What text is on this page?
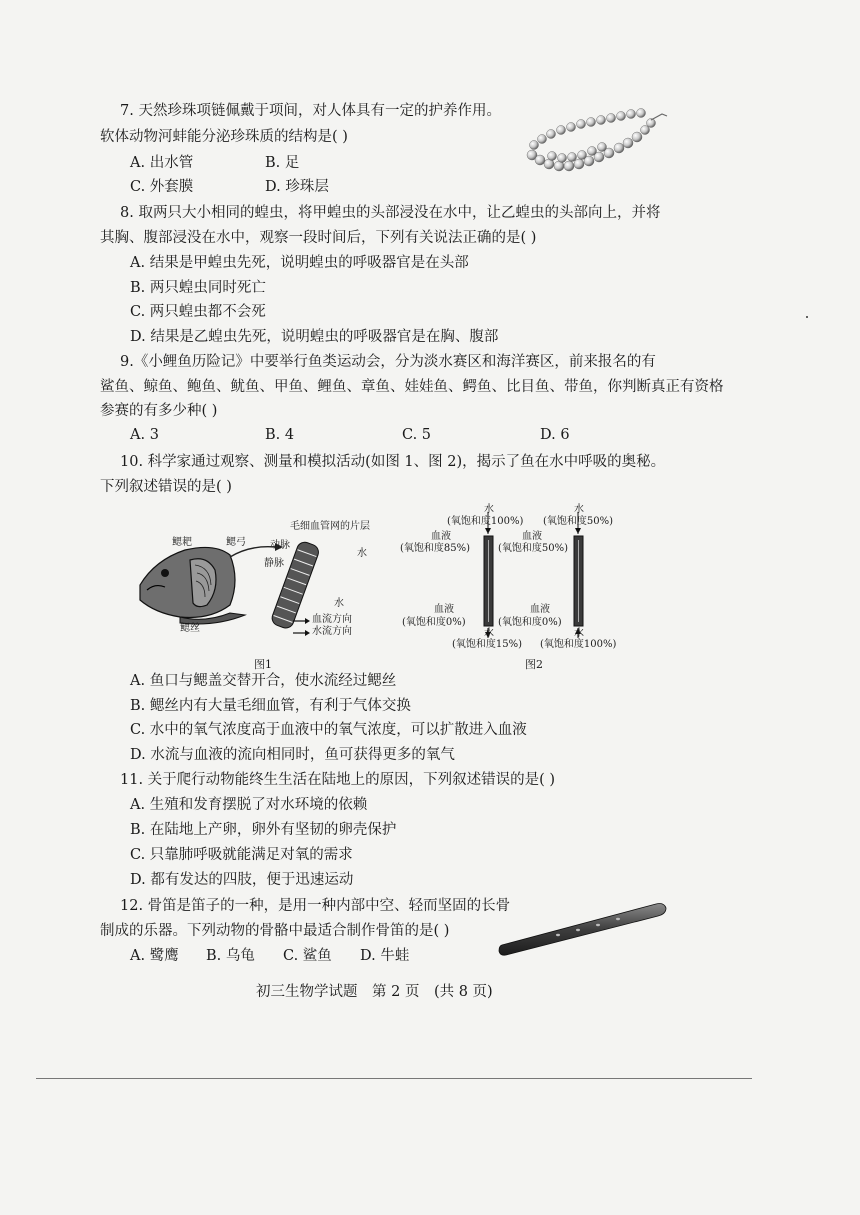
7. 天然珍珠项链佩戴于项间，对人体具有一定的护养作用。
软体动物河蚌能分泌珍珠质的结构是( )
A. 出水管	B. 足
C. 外套膜	D. 珍珠层
8. 取两只大小相同的蝗虫，将甲蝗虫的头部浸没在水中，让乙蝗虫的头部向上，并将
其胸、腹部浸没在水中，观察一段时间后，下列有关说法正确的是( )
A. 结果是甲蝗虫先死，说明蝗虫的呼吸器官是在头部
B. 两只蝗虫同时死亡
C. 两只蝗虫都不会死
D. 结果是乙蝗虫先死，说明蝗虫的呼吸器官是在胸、腹部
9.《小鲤鱼历险记》中要举行鱼类运动会，分为淡水赛区和海洋赛区，前来报名的有
鲨鱼、鲸鱼、鲍鱼、鱿鱼、甲鱼、鲤鱼、章鱼、娃娃鱼、鳄鱼、比目鱼、带鱼，你判断真正有资格
参赛的有多少种( )
A. 3	B. 4	C. 5	D. 6
10. 科学家通过观察、测量和模拟活动(如图 1、图 2)，揭示了鱼在水中呼吸的奥秘。
下列叙述错误的是( )
鳃耙	鳃弓
鳃丝
毛细血管网的片层
动脉
静脉
水
水
血流方向
水流方向
图1
水
(氧饱和度100%)
血液
(氧饱和度85%)
血液
(氧饱和度0%)
水
(氧饱和度15%)
水
(氧饱和度50%)
血液
(氧饱和度50%)
血液
(氧饱和度0%)
水
(氧饱和度100%)
图2
A. 鱼口与鳃盖交替开合，使水流经过鳃丝
B. 鳃丝内有大量毛细血管，有利于气体交换
C. 水中的氧气浓度高于血液中的氧气浓度，可以扩散进入血液
D. 水流与血液的流向相同时，鱼可获得更多的氧气
11. 关于爬行动物能终生生活在陆地上的原因，下列叙述错误的是( )
A. 生殖和发育摆脱了对水环境的依赖
B. 在陆地上产卵，卵外有坚韧的卵壳保护
C. 只靠肺呼吸就能满足对氧的需求
D. 都有发达的四肢，便于迅速运动
12. 骨笛是笛子的一种，是用一种内部中空、轻而坚固的长骨
制成的乐器。下列动物的骨骼中最适合制作骨笛的是( )
A. 鹭鹰 B. 乌龟 C. 鲨鱼 D. 牛蛙
初三生物学试题　第 2 页　(共 8 页)
